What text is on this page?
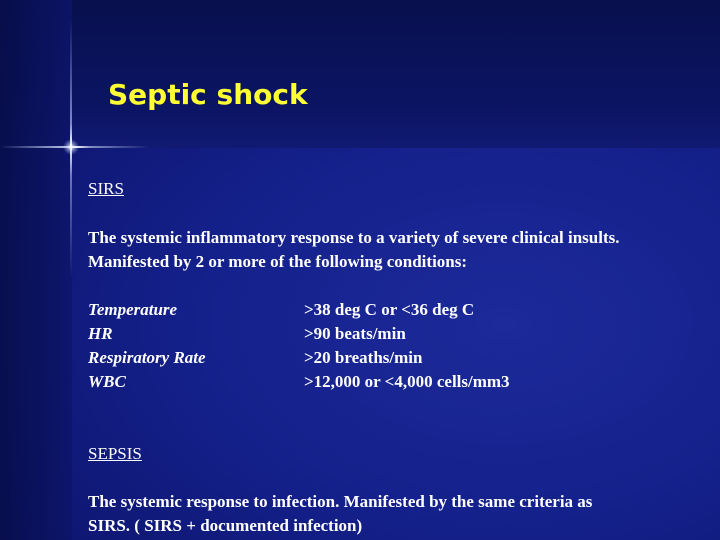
Septic shock
SIRS
The systemic inflammatory response to a variety of severe clinical insults.
Manifested by 2 or more of the following conditions:
Temperature	>38 deg C or <36 deg C
HR	>90 beats/min
Respiratory Rate	>20 breaths/min
WBC	>12,000 or <4,000 cells/mm3
SEPSIS
The systemic response to infection. Manifested by the same criteria as
SIRS. ( SIRS + documented infection)
